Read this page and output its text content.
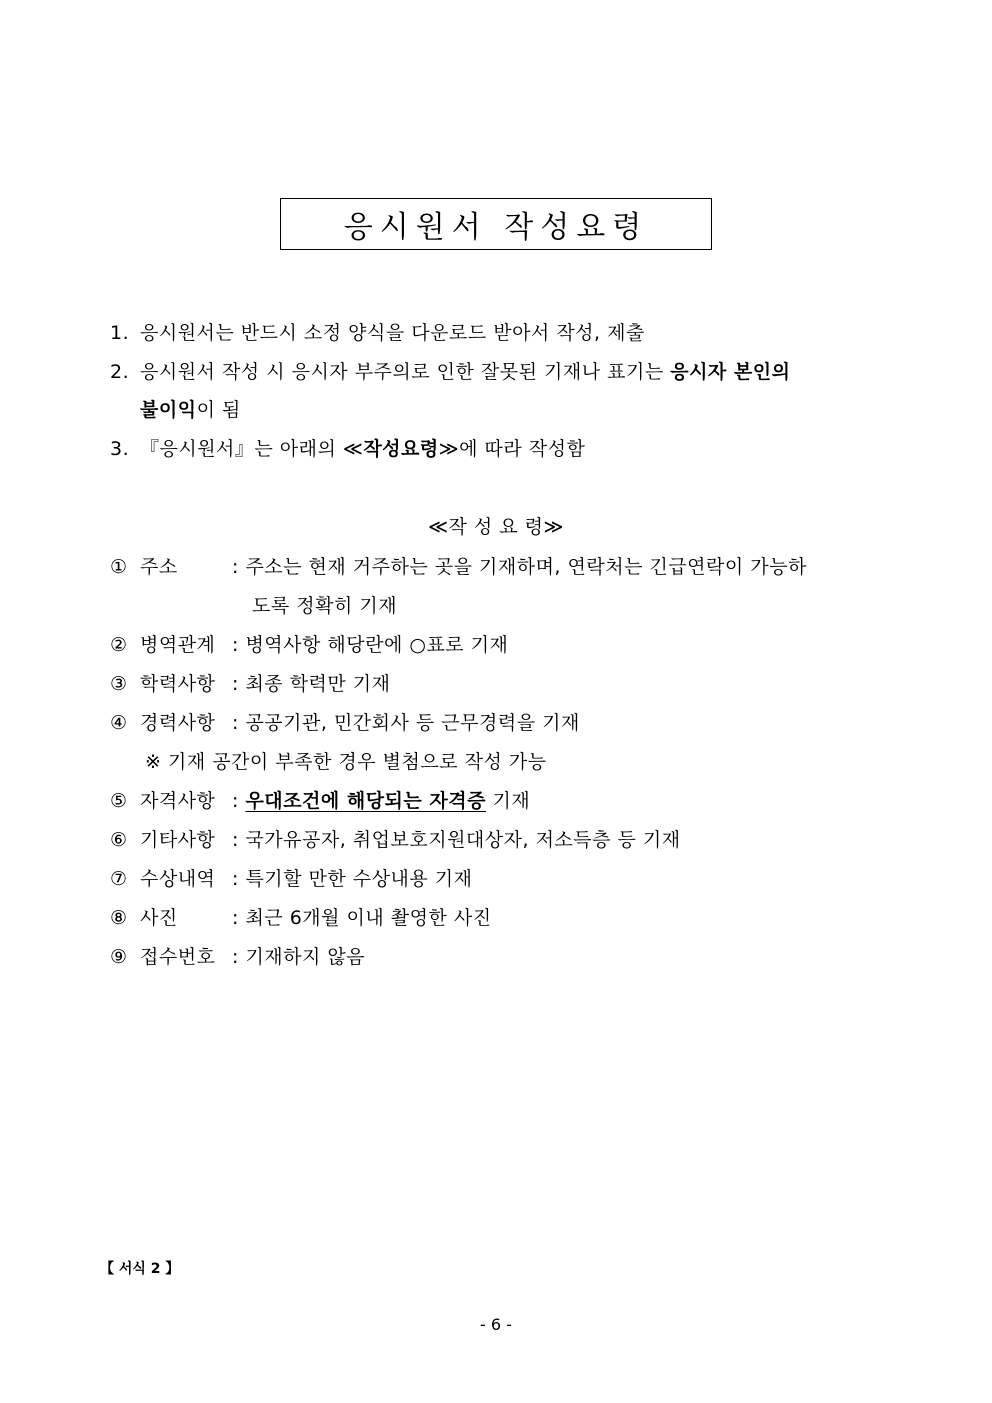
응시원서 작성요령
1. 응시원서는 반드시 소정 양식을 다운로드 받아서 작성, 제출
2. 응시원서 작성 시 응시자 부주의로 인한 잘못된 기재나 표기는 응시자 본인의
불이익이 됨
3. 『응시원서』는 아래의 ≪작성요령≫에 따라 작성함
≪작 성 요 령≫
① 주소	: 주소는 현재 거주하는 곳을 기재하며, 연락처는 긴급연락이 가능하
도록 정확히 기재
② 병역관계 : 병역사항 해당란에 ○표로 기재
③ 학력사항 : 최종 학력만 기재
④ 경력사항 : 공공기관, 민간회사 등 근무경력을 기재
※ 기재 공간이 부족한 경우 별첨으로 작성 가능
⑤ 자격사항 : 우대조건에 해당되는 자격증 기재
⑥ 기타사항 : 국가유공자, 취업보호지원대상자, 저소득층 등 기재
⑦ 수상내역 : 특기할 만한 수상내용 기재
⑧ 사진	: 최근 6개월 이내 촬영한 사진
⑨ 접수번호 : 기재하지 않음
【 서식 2 】
- 6 -
